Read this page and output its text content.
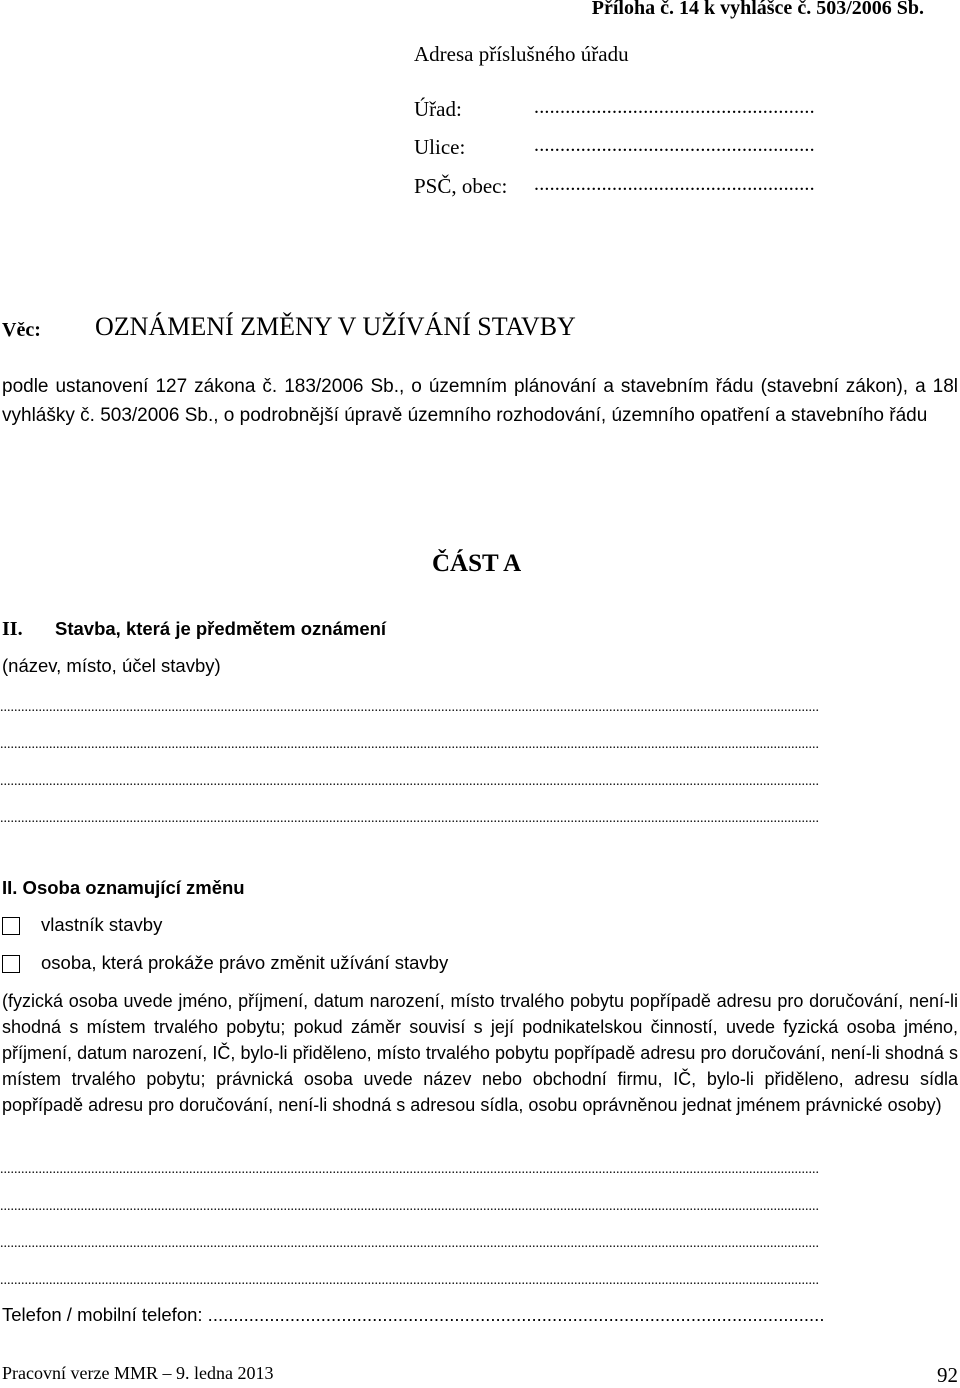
Příloha č. 14 k vyhlášce č. 503/2006 Sb.
Adresa příslušného úřadu
Úřad:	......................................................
Ulice:	......................................................
PSČ, obec: ......................................................
Věc: OZNÁMENÍ ZMĚNY V UŽÍVÁNÍ STAVBY
podle ustanovení 127 zákona č. 183/2006 Sb., o územním plánování a stavebním řádu (stavební zákon), a 18l vyhlášky č. 503/2006 Sb., o podrobnější úpravě územního rozhodování, územního opatření a stavebního řádu
ČÁST A
II. Stavba, která je předmětem oznámení
(název, místo, účel stavby)
..........................................................................................................................................................................................................................................
..........................................................................................................................................................................................................................................
..........................................................................................................................................................................................................................................
..........................................................................................................................................................................................................................................
II. Osoba oznamující změnu
vlastník stavby
osoba, která prokáže právo změnit užívání stavby
(fyzická osoba uvede jméno, příjmení, datum narození, místo trvalého pobytu popřípadě adresu pro doručování, není-li shodná s místem trvalého pobytu; pokud záměr souvisí s její podnikatelskou činností, uvede fyzická osoba jméno, příjmení, datum narození, IČ, bylo-li přiděleno, místo trvalého pobytu popřípadě adresu pro doručování, není-li shodná s místem trvalého pobytu; právnická osoba uvede název nebo obchodní firmu, IČ, bylo-li přiděleno, adresu sídla popřípadě adresu pro doručování, není-li shodná s adresou sídla, osobu oprávněnou jednat jménem právnické osoby)
..........................................................................................................................................................................................................................................
..........................................................................................................................................................................................................................................
..........................................................................................................................................................................................................................................
..........................................................................................................................................................................................................................................
Telefon / mobilní telefon: ........................................................................................................................
Pracovní verze MMR – 9. ledna 2013	92
